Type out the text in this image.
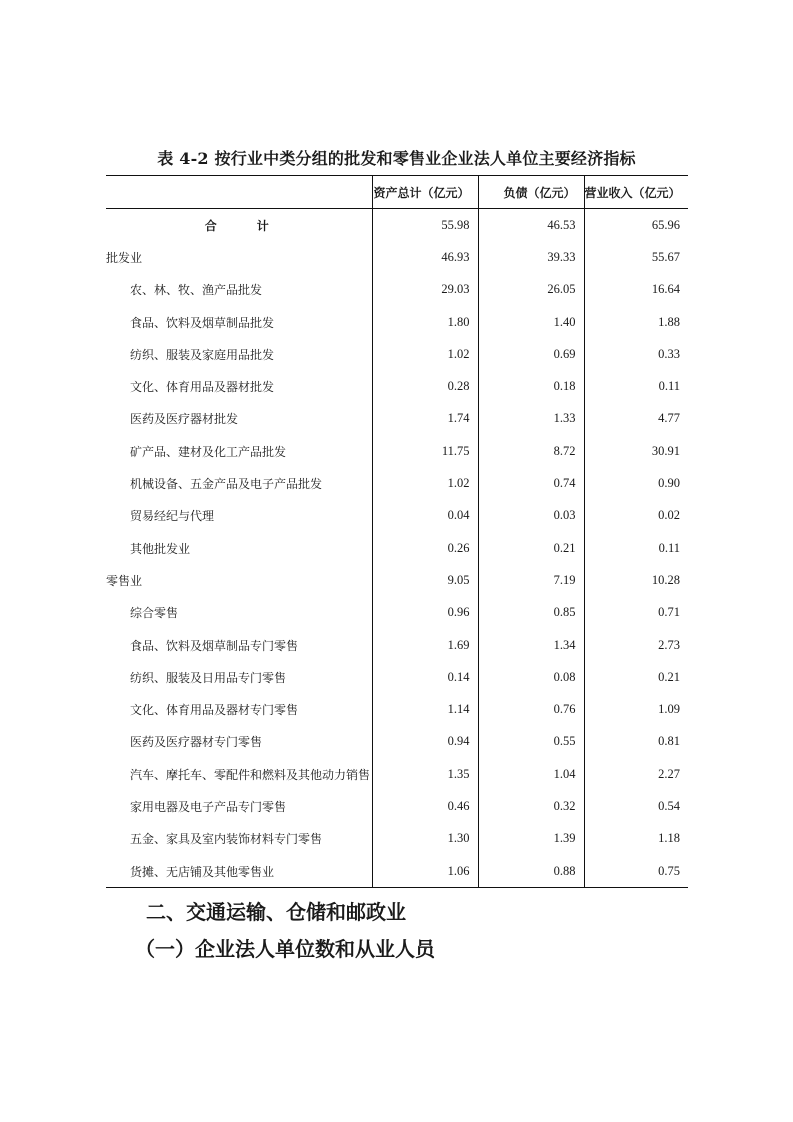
表 4-2 按行业中类分组的批发和零售业企业法人单位主要经济指标
	资产总计（亿元）	负债（亿元）	营业收入（亿元）
合　计	55.98	46.53	65.96
批发业	46.93	39.33	55.67
农、林、牧、渔产品批发	29.03	26.05	16.64
食品、饮料及烟草制品批发	1.80	1.40	1.88
纺织、服装及家庭用品批发	1.02	0.69	0.33
文化、体育用品及器材批发	0.28	0.18	0.11
医药及医疗器材批发	1.74	1.33	4.77
矿产品、建材及化工产品批发	11.75	8.72	30.91
机械设备、五金产品及电子产品批发	1.02	0.74	0.90
贸易经纪与代理	0.04	0.03	0.02
其他批发业	0.26	0.21	0.11
零售业	9.05	7.19	10.28
综合零售	0.96	0.85	0.71
食品、饮料及烟草制品专门零售	1.69	1.34	2.73
纺织、服装及日用品专门零售	0.14	0.08	0.21
文化、体育用品及器材专门零售	1.14	0.76	1.09
医药及医疗器材专门零售	0.94	0.55	0.81
汽车、摩托车、零配件和燃料及其他动力销售	1.35	1.04	2.27
家用电器及电子产品专门零售	0.46	0.32	0.54
五金、家具及室内装饰材料专门零售	1.30	1.39	1.18
货摊、无店铺及其他零售业	1.06	0.88	0.75
二、交通运输、仓储和邮政业
（一）企业法人单位数和从业人员
